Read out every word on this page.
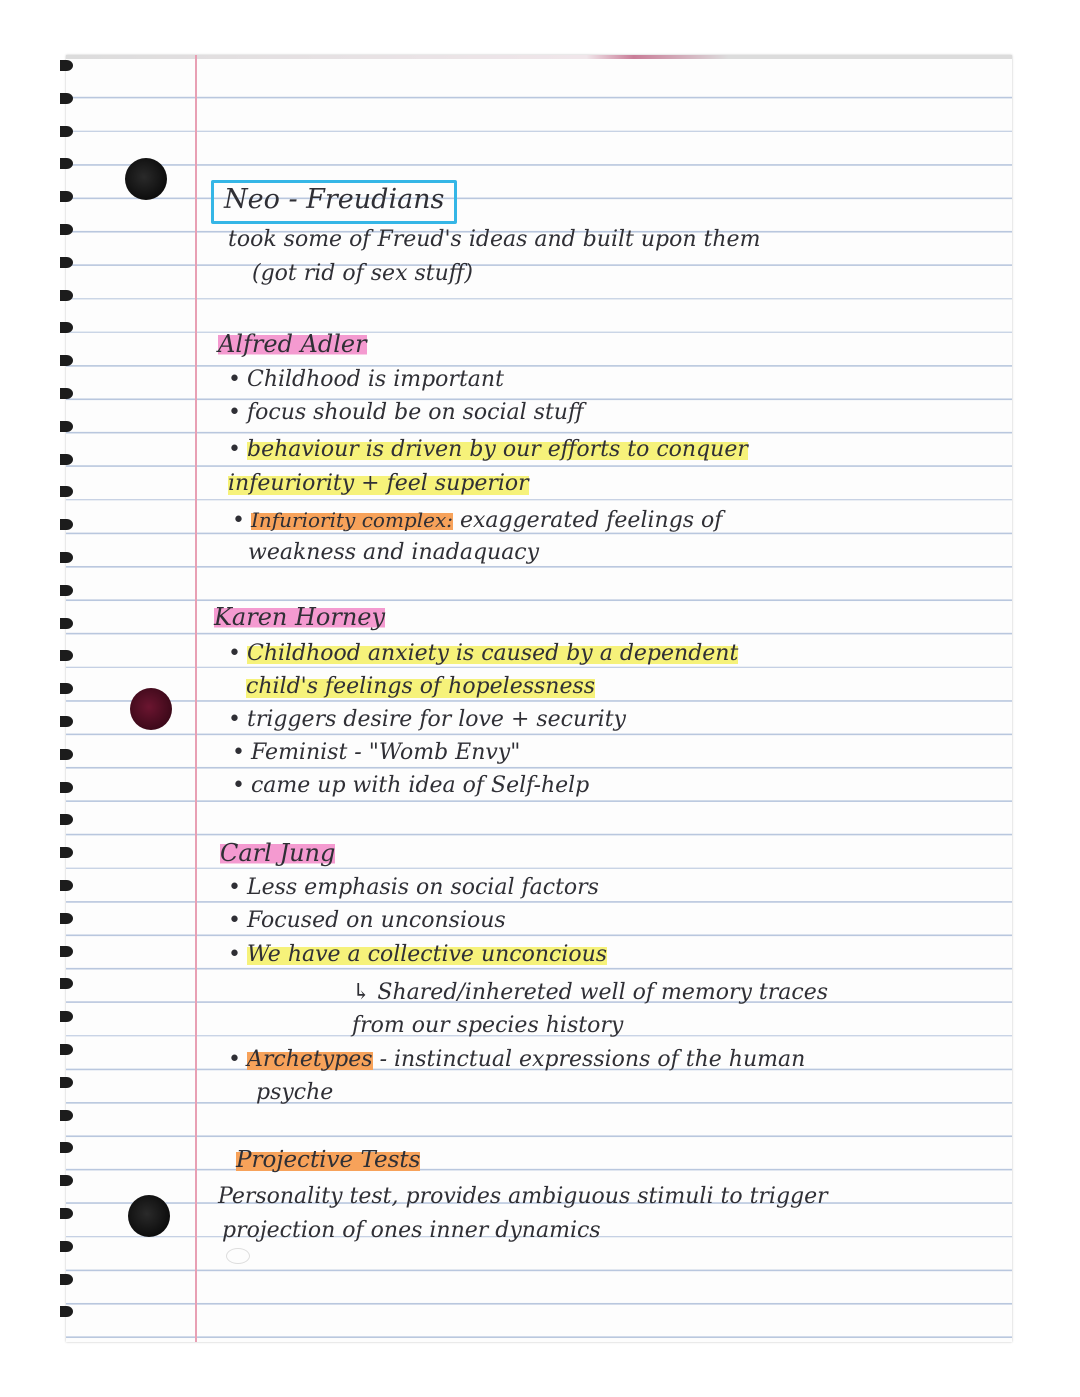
Neo - Freudians
took some of Freud's ideas and built upon them
(got rid of sex stuff)
Alfred Adler
• Childhood is important
• focus should be on social stuff
• behaviour is driven by our efforts to conquer
infeuriority + feel superior
• Infuriority complex: exaggerated feelings of
weakness and inadaquacy
Karen Horney
• Childhood anxiety is caused by a dependent
child's feelings of hopelessness
• triggers desire for love + security
• Feminist - "Womb Envy"
• came up with idea of Self-help
Carl Jung
• Less emphasis on social factors
• Focused on unconsious
• We have a collective unconcious
↳ Shared/inhereted well of memory traces
from our species history
• Archetypes - instinctual expressions of the human
psyche
Projective Tests
Personality test, provides ambiguous stimuli to trigger
projection of ones inner dynamics
